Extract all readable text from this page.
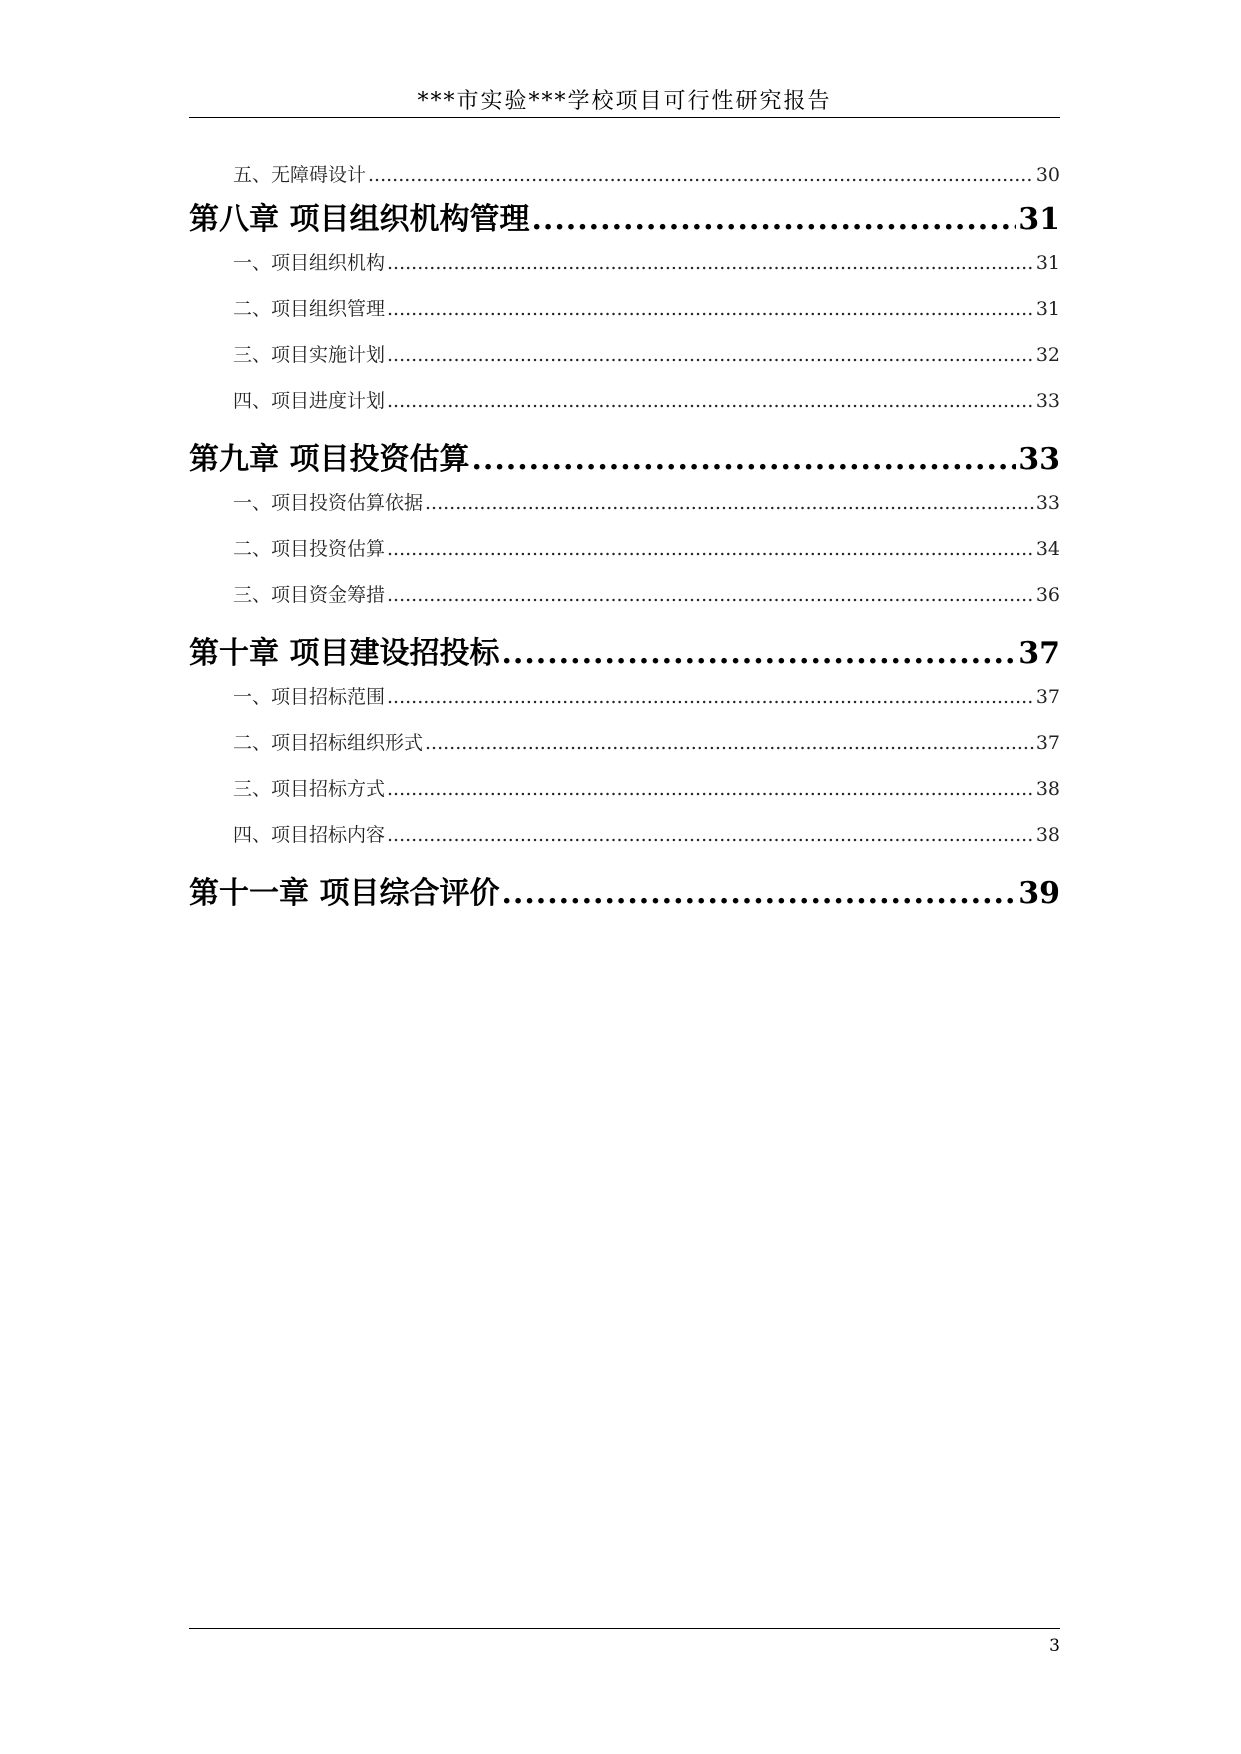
***市实验***学校项目可行性研究报告
五、无障碍设计 .....	30
第八章 项目组织机构管理 .....	31
一、项目组织机构 .....	31
二、项目组织管理 .....	31
三、项目实施计划 .....	32
四、项目进度计划 .....	33
第九章 项目投资估算 .....	33
一、项目投资估算依据 .....	33
二、项目投资估算 .....	34
三、项目资金筹措 .....	36
第十章 项目建设招投标 .....	37
一、项目招标范围 .....	37
二、项目招标组织形式 .....	37
三、项目招标方式 .....	38
四、项目招标内容 .....	38
第十一章 项目综合评价 .....	39
3
